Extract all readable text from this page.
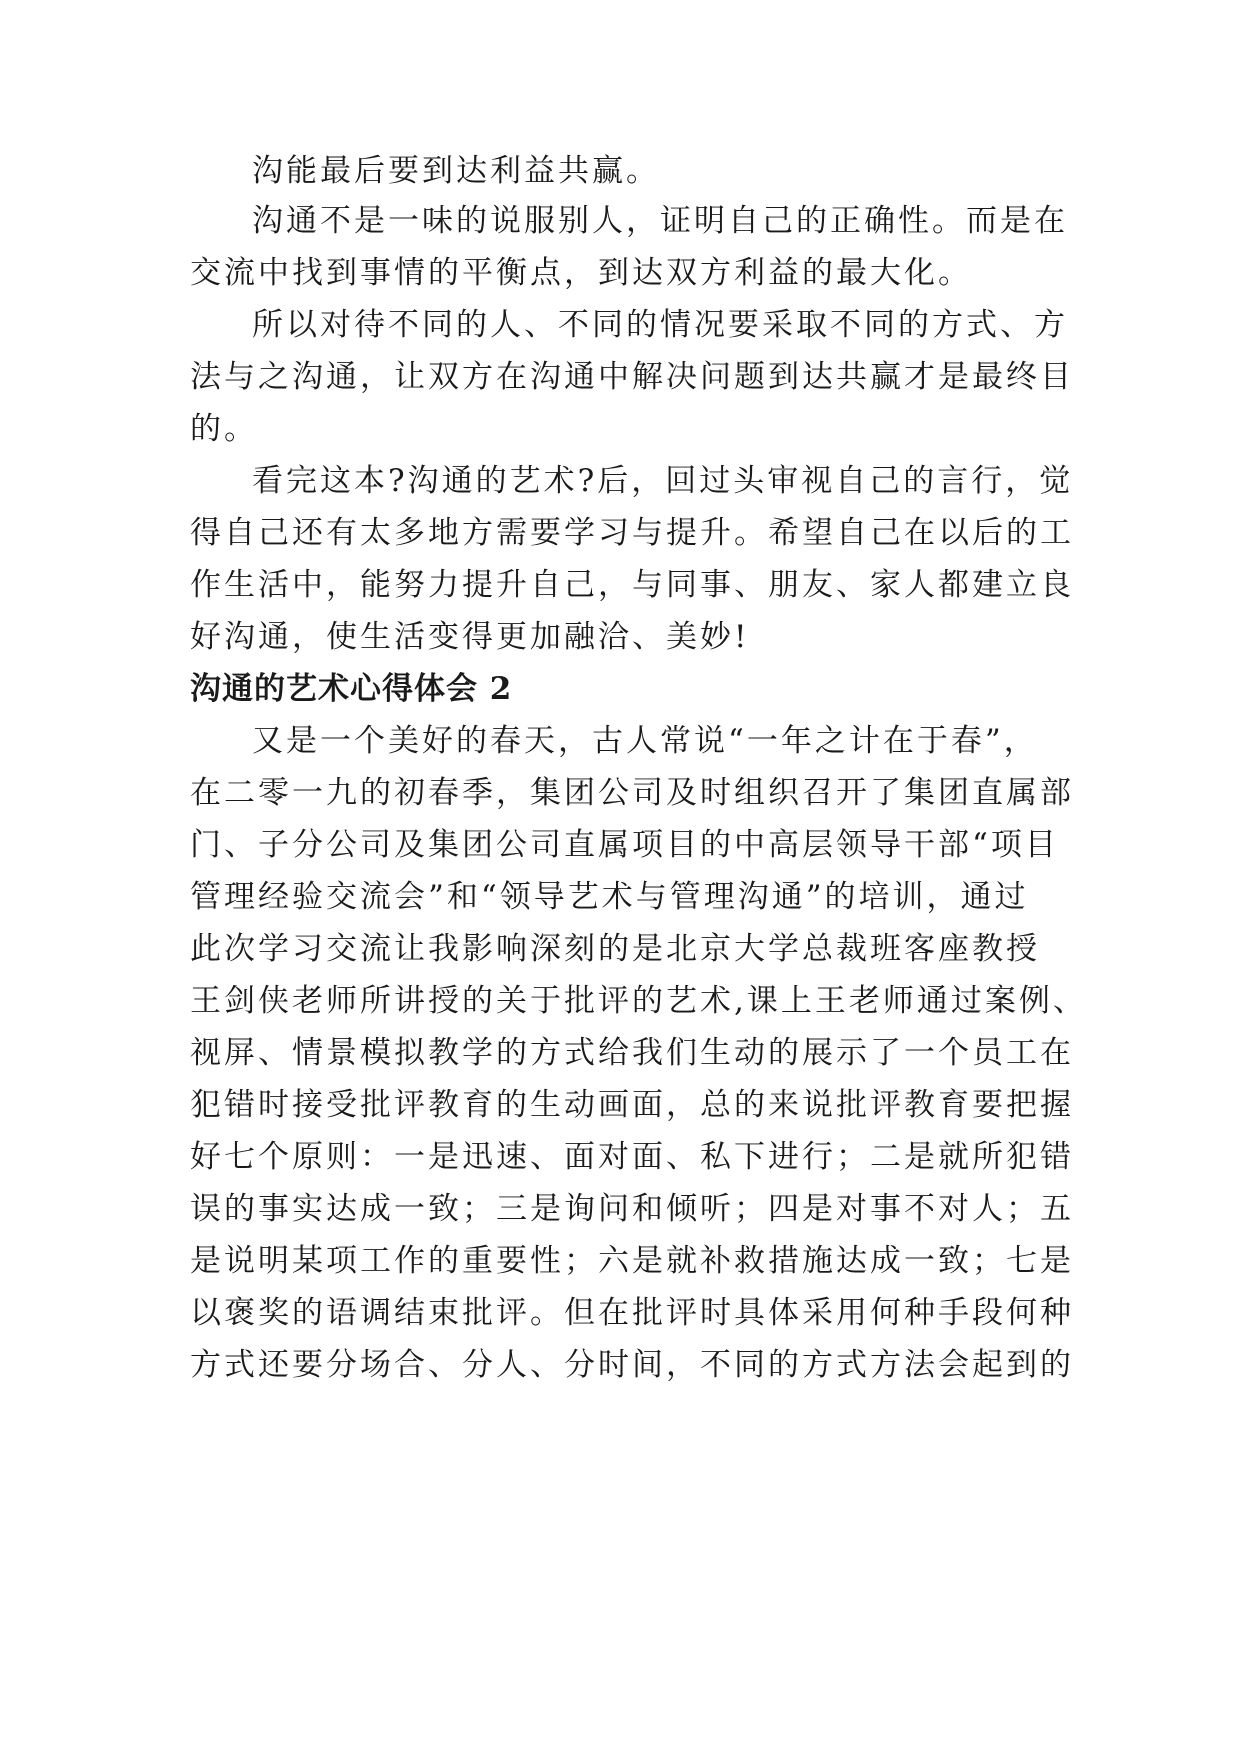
沟能最后要到达利益共赢。

沟通不是一味的说服别人，证明自己的正确性。而是在
交流中找到事情的平衡点，到达双方利益的最大化。

所以对待不同的人、不同的情况要采取不同的方式、方
法与之沟通，让双方在沟通中解决问题到达共赢才是最终目
的。

看完这本?沟通的艺术?后，回过头审视自己的言行，觉
得自己还有太多地方需要学习与提升。希望自己在以后的工
作生活中，能努力提升自己，与同事、朋友、家人都建立良
好沟通，使生活变得更加融洽、美妙!

沟通的艺术心得体会 2

又是一个美好的春天，古人常说“一年之计在于春”，
在二零一九的初春季，集团公司及时组织召开了集团直属部
门、子分公司及集团公司直属项目的中高层领导干部“项目
管理经验交流会”和“领导艺术与管理沟通”的培训，通过
此次学习交流让我影响深刻的是北京大学总裁班客座教授
王剑侠老师所讲授的关于批评的艺术,课上王老师通过案例、
视屏、情景模拟教学的方式给我们生动的展示了一个员工在
犯错时接受批评教育的生动画面，总的来说批评教育要把握
好七个原则：一是迅速、面对面、私下进行；二是就所犯错
误的事实达成一致；三是询问和倾听；四是对事不对人；五
是说明某项工作的重要性；六是就补救措施达成一致；七是
以褒奖的语调结束批评。但在批评时具体采用何种手段何种
方式还要分场合、分人、分时间，不同的方式方法会起到的
